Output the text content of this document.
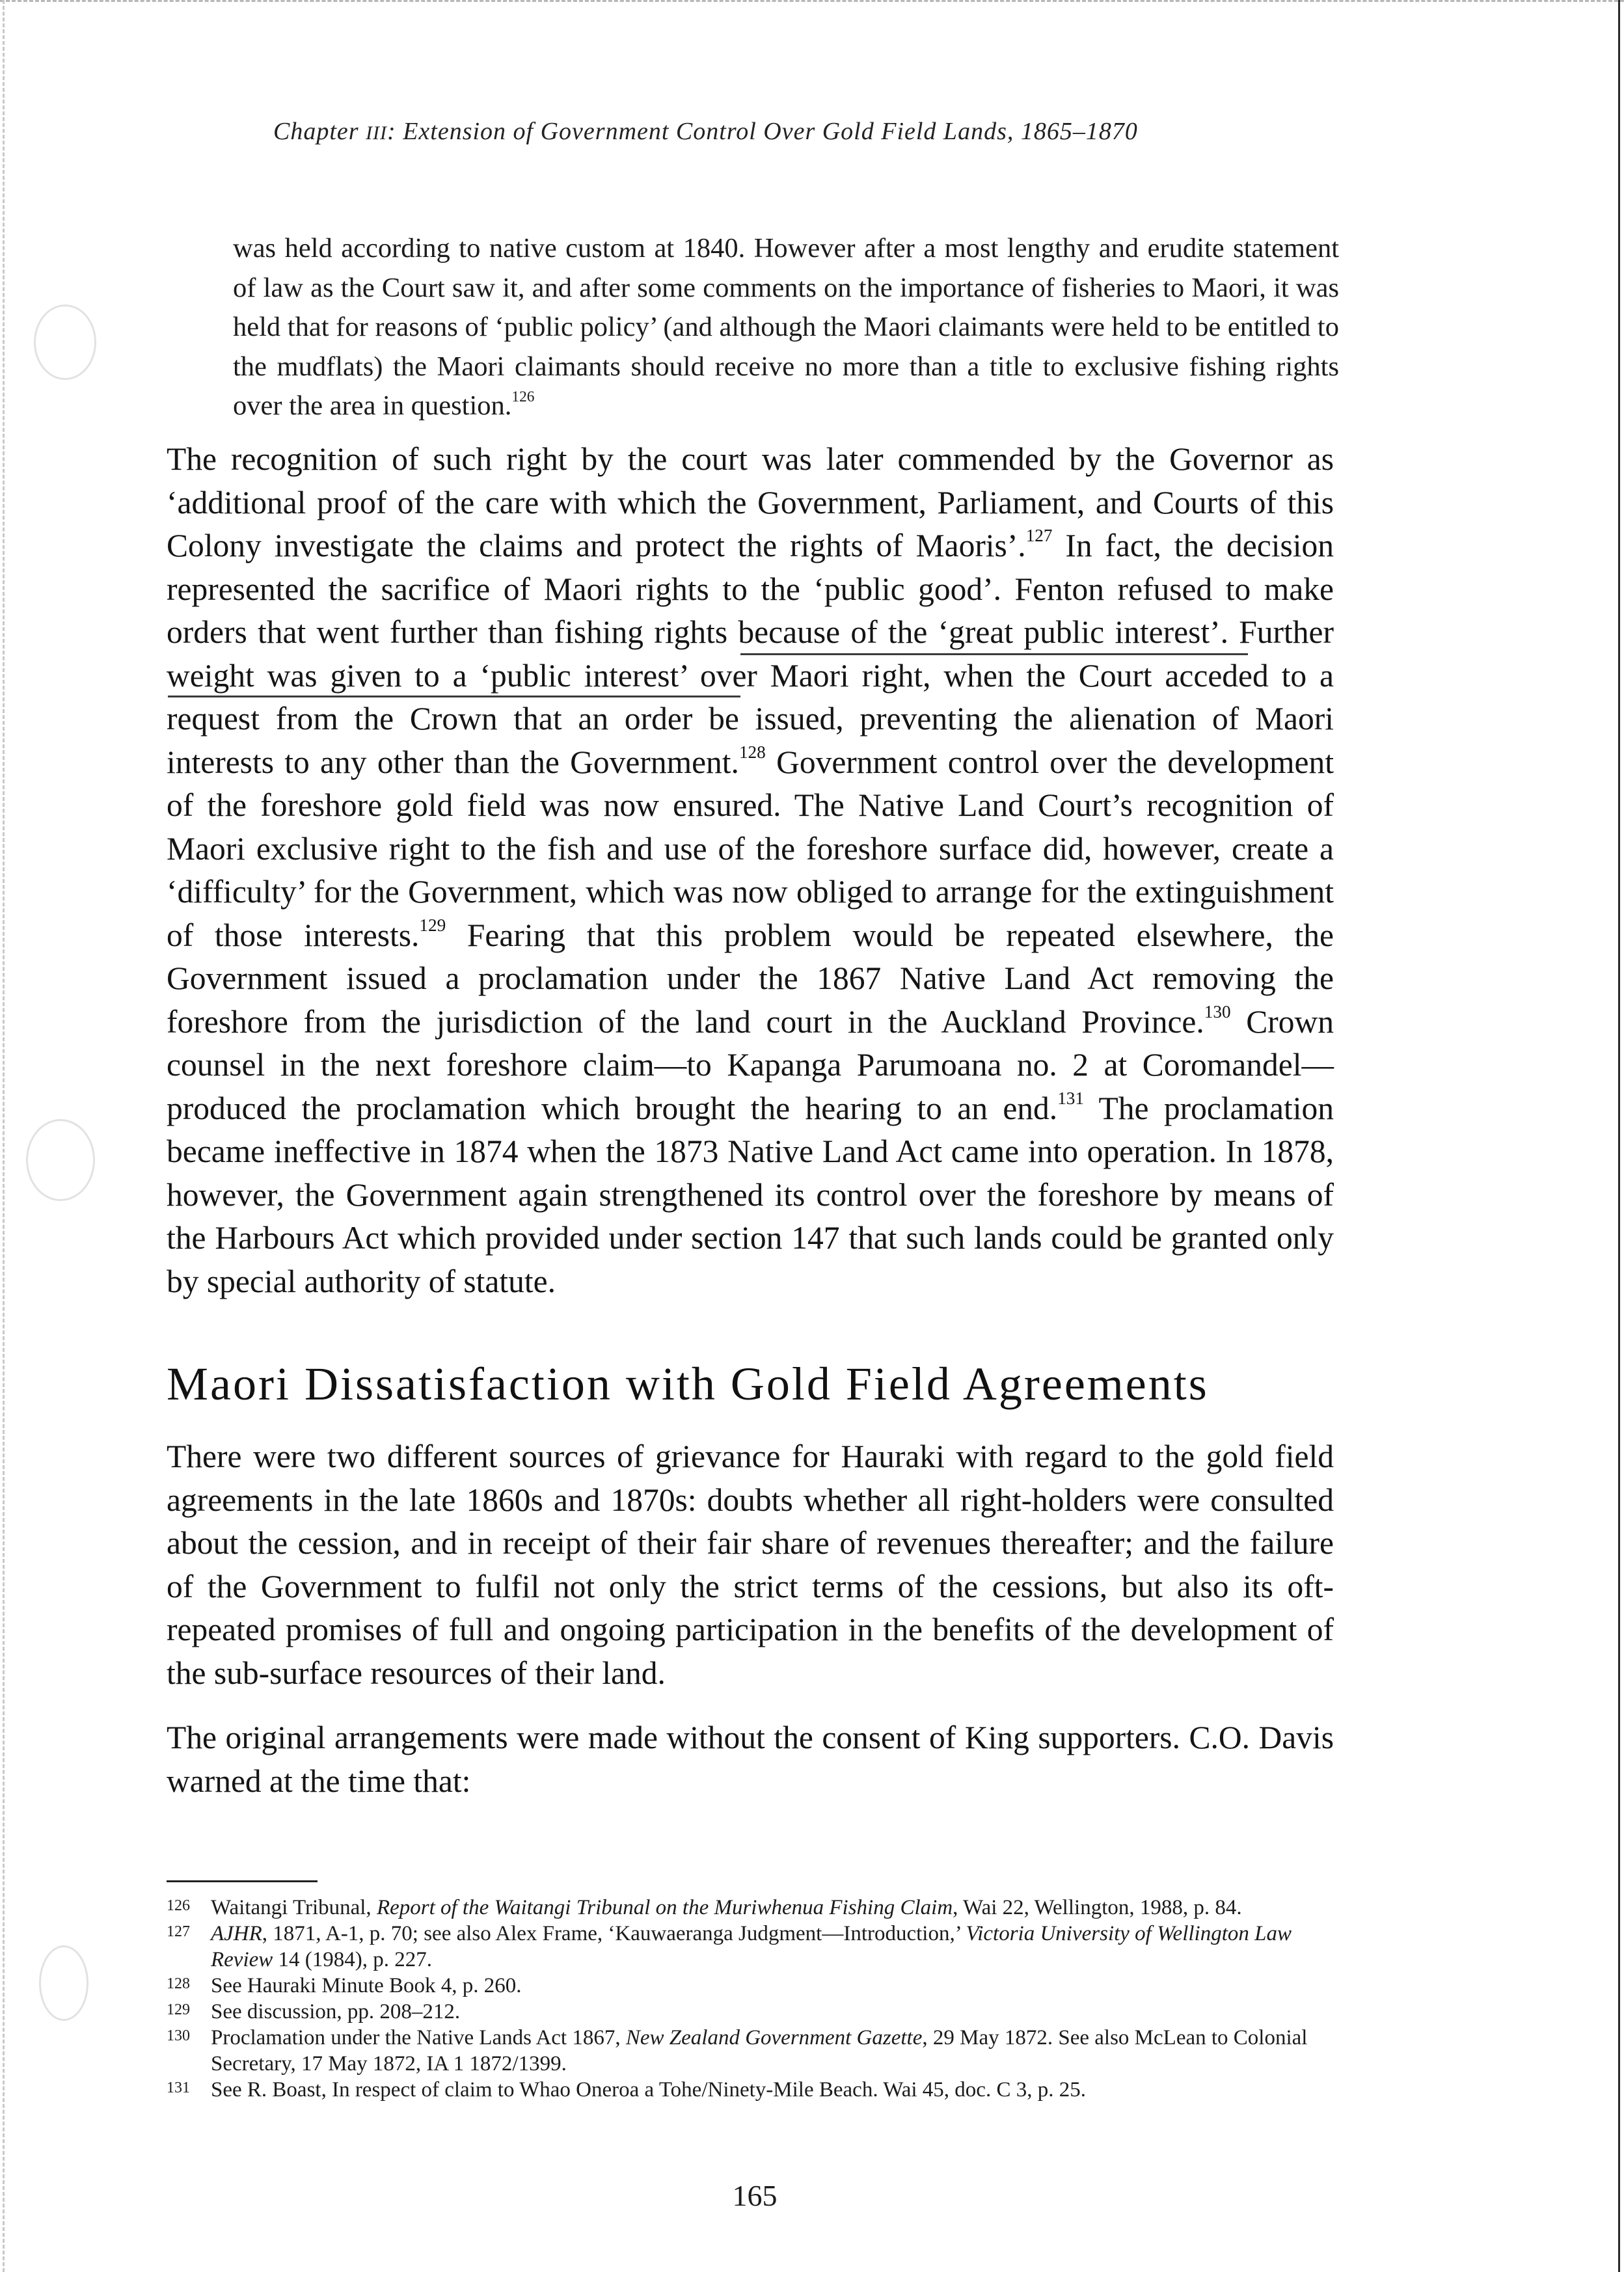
Chapter III: Extension of Government Control Over Gold Field Lands, 1865–1870
was held according to native custom at 1840. However after a most lengthy and erudite statement of law as the Court saw it, and after some comments on the importance of fisheries to Maori, it was held that for reasons of ‘public policy’ (and although the Maori claimants were held to be entitled to the mudflats) the Maori claimants should receive no more than a title to exclusive fishing rights over the area in question.$^{126}$
The recognition of such right by the court was later commended by the Governor as ‘additional proof of the care with which the Government, Parliament, and Courts of this Colony investigate the claims and protect the rights of Maoris’.$^{127}$ In fact, the decision represented the sacrifice of Maori rights to the ‘public good’. Fenton refused to make orders that went further than fishing rights because of the ‘great public interest’. Further weight was given to a ‘public interest’ over Maori right, when the Court acceded to a request from the Crown that an order be issued, preventing the alienation of Maori interests to any other than the Government.$^{128}$ Government control over the development of the foreshore gold field was now ensured. The Native Land Court’s recognition of Maori exclusive right to the fish and use of the foreshore surface did, however, create a ‘difficulty’ for the Government, which was now obliged to arrange for the extinguishment of those interests.$^{129}$ Fearing that this problem would be repeated elsewhere, the Government issued a proclamation under the 1867 Native Land Act removing the foreshore from the jurisdiction of the land court in the Auckland Province.$^{130}$ Crown counsel in the next foreshore claim—to Kapanga Parumoana no. 2 at Coromandel—produced the proclamation which brought the hearing to an end.$^{131}$ The proclamation became ineffective in 1874 when the 1873 Native Land Act came into operation. In 1878, however, the Government again strengthened its control over the foreshore by means of the Harbours Act which provided under section 147 that such lands could be granted only by special authority of statute.
Maori Dissatisfaction with Gold Field Agreements
There were two different sources of grievance for Hauraki with regard to the gold field agreements in the late 1860s and 1870s: doubts whether all right-holders were consulted about the cession, and in receipt of their fair share of revenues thereafter; and the failure of the Government to fulfil not only the strict terms of the cessions, but also its oft-repeated promises of full and ongoing participation in the benefits of the development of the sub-surface resources of their land.
The original arrangements were made without the consent of King supporters. C.O. Davis warned at the time that:
126 Waitangi Tribunal, Report of the Waitangi Tribunal on the Muriwhenua Fishing Claim, Wai 22, Wellington, 1988, p. 84.
127 AJHR, 1871, A-1, p. 70; see also Alex Frame, ‘Kauwaeranga Judgment—Introduction,’ Victoria University of Wellington Law Review 14 (1984), p. 227.
128 See Hauraki Minute Book 4, p. 260.
129 See discussion, pp. 208–212.
130 Proclamation under the Native Lands Act 1867, New Zealand Government Gazette, 29 May 1872. See also McLean to Colonial Secretary, 17 May 1872, IA 1 1872/1399.
131 See R. Boast, In respect of claim to Whao Oneroa a Tohe/Ninety-Mile Beach. Wai 45, doc. C 3, p. 25.
165
